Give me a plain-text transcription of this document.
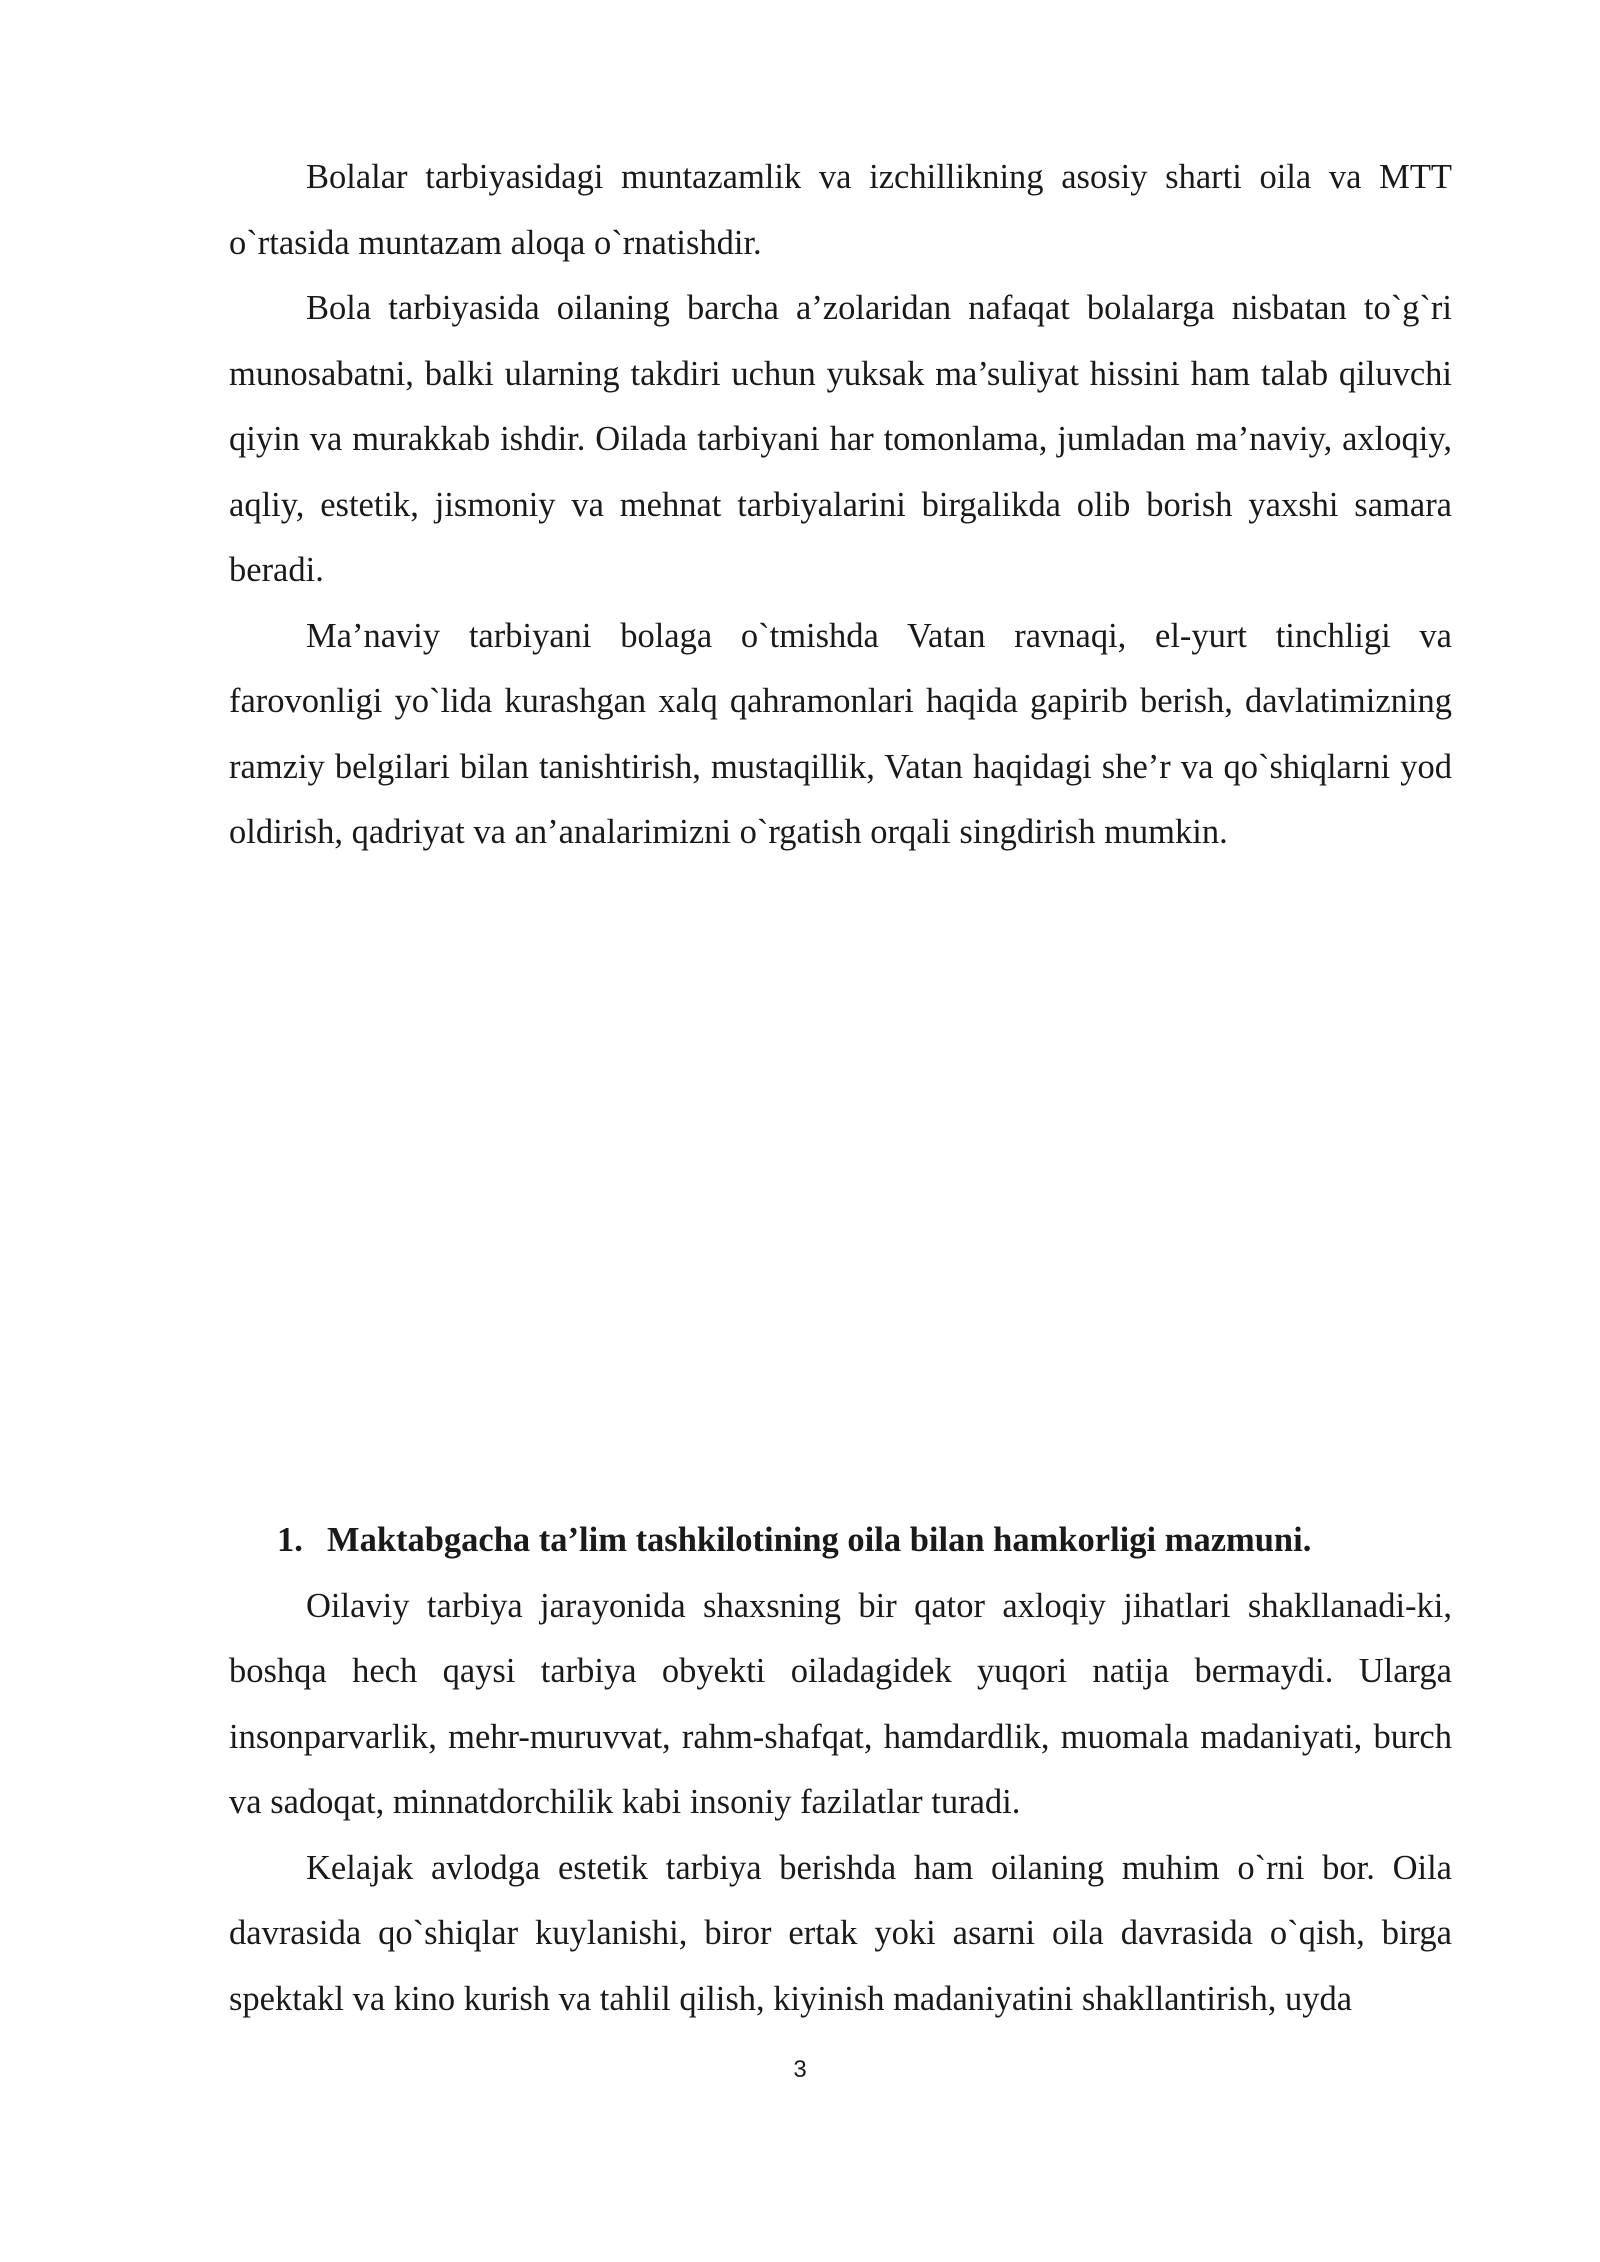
Bolalar tarbiyasidagi muntazamlik va izchillikning asosiy sharti oila va MTT o`rtasida muntazam aloqa o`rnatishdir.

Bola tarbiyasida oilaning barcha a’zolaridan nafaqat bolalarga nisbatan to`g`ri munosabatni, balki ularning takdiri uchun yuksak ma’suliyat hissini ham talab qiluvchi qiyin va murakkab ishdir. Oilada tarbiyani har tomonlama, jumladan ma’naviy, axloqiy, aqliy, estetik, jismoniy va mehnat tarbiyalarini birgalikda olib borish yaxshi samara beradi.

Ma’naviy tarbiyani bolaga o`tmishda Vatan ravnaqi, el-yurt tinchligi va farovonligi yo`lida kurashgan xalq qahramonlari haqida gapirib berish, davlatimizning ramziy belgilari bilan tanishtirish, mustaqillik, Vatan haqidagi she’r va qo`shiqlarni yod oldirish, qadriyat va an’analarimizni o`rgatish orqali singdirish mumkin.

1. Maktabgacha ta’lim tashkilotining oila bilan hamkorligi mazmuni.

Oilaviy tarbiya jarayonida shaxsning bir qator axloqiy jihatlari shakllanadi-ki, boshqa hech qaysi tarbiya obyekti oiladagidek yuqori natija bermaydi. Ularga insonparvarlik, mehr-muruvvat, rahm-shafqat, hamdardlik, muomala madaniyati, burch va sadoqat, minnatdorchilik kabi insoniy fazilatlar turadi.

Kelajak avlodga estetik tarbiya berishda ham oilaning muhim o`rni bor. Oila davrasida qo`shiqlar kuylanishi, biror ertak yoki asarni oila davrasida o`qish, birga spektakl va kino kurish va tahlil qilish, kiyinish madaniyatini shakllantirish, uyda

3
